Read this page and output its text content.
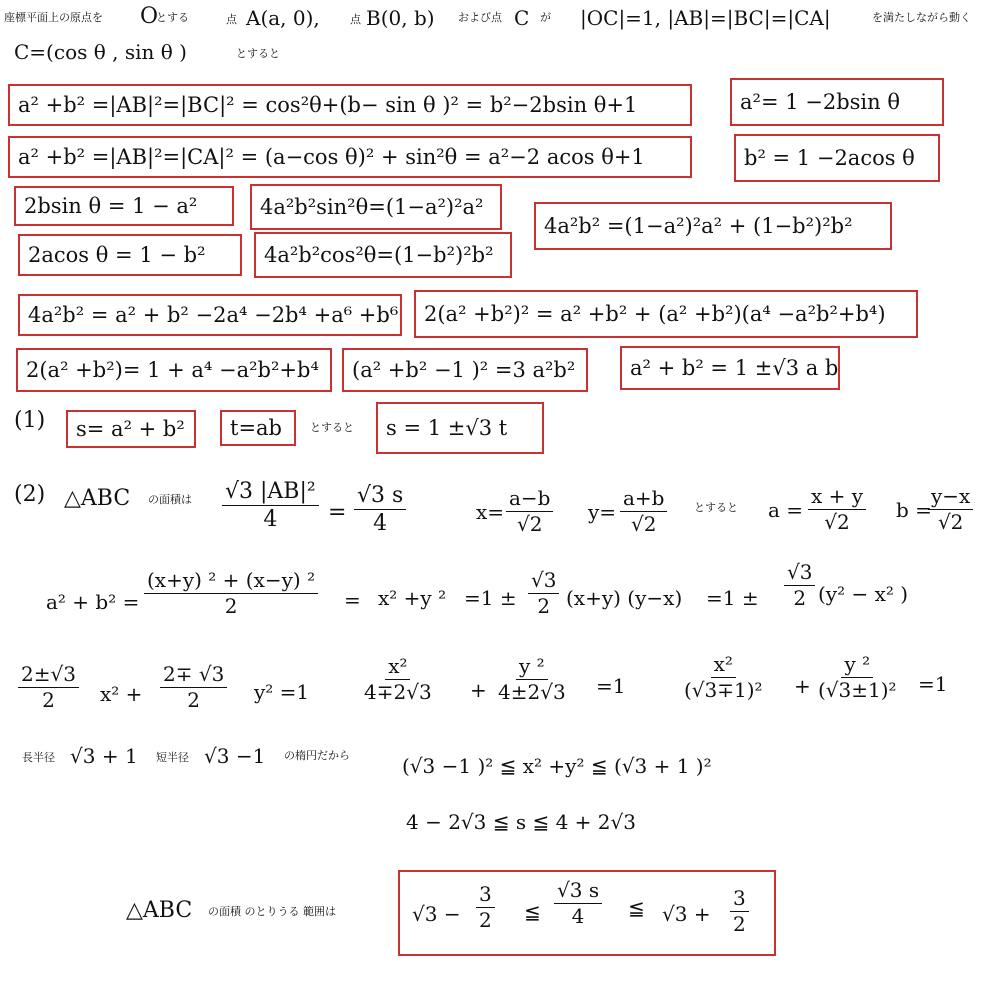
座標平面上の原点を O
とする	点 A(a, 0),	点 B(0, b) および点 C が |OC|=1, |AB|=|BC|=|CA|	を満たしながら動く
C=(cos θ , sin θ )	とすると
a² +b² =|AB|²=|BC|² = cos²θ+(b− sin θ )² = b²−2bsin θ+1	a²= 1 −2bsin θ
a² +b² =|AB|²=|CA|² = (a−cos θ)² + sin²θ = a²−2 acos θ+1	b² = 1 −2acos θ
2bsin θ = 1 − a²	4a²b²sin²θ=(1−a²)²a²
4a²b² =(1−a²)²a² + (1−b²)²b²
2acos θ = 1 − b²	4a²b²cos²θ=(1−b²)²b²
4a²b² = a² + b² −2a⁴ −2b⁴ +a⁶ +b⁶	2(a² +b²)² = a² +b² + (a² +b²)(a⁴ −a²b²+b⁴)
2(a² +b²)= 1 + a⁴ −a²b²+b⁴	(a² +b² −1 )² =3 a²b²	a² + b² = 1 ±√3 a b
(1)	s= a² + b²	t=ab	とすると	s = 1 ±√3 t
(2) △ABC の面積は $\frac{\text{√3 |AB|²}}{4} = \frac{√3 s}{4}$	$x= \frac{a-b}{√2} y= \frac{a+b}{√2}$ とすると $a = \frac{x + y}{√2}$ b =
$\frac{y-x}{√2}$
$a^2 + b^2 = \frac{\text{(x+y) ² + (x−y) ²}}{2} = x^2 +y$ $^2 =1 \pm \frac{√3}{2} (x+y)$ $(y-x) =1 \pm \frac{√3}{2} (y^2 - x^2$ )
$\frac{2\pm√3}{2} x^2 + \frac{2\mp √3}{2} y^2 =1$	$\frac{\text{x²}}{4\mp 2√3} + \frac{\text{y ²}}{4\pm 2√3} =1$	$\frac{\text{x²}}{\text{(√3∓1)²}} + \frac{\text{y ²}}{\text{(√3±1)²}} =1$
長半径 √3 + 1 短半径 √3 −1 の楕円だから	(√3 −1 )² ≦ x² +y² ≦ (√3 + 1 )²
4 − 2√3 ≦ s ≦ 4 + 2√3
△ABC の面積 のとりうる 範囲は	$√3 - \frac{3}{2}$ ≦ $\frac{√3 s}{4}$ ≦ $√3 + \frac{3}{2}$
